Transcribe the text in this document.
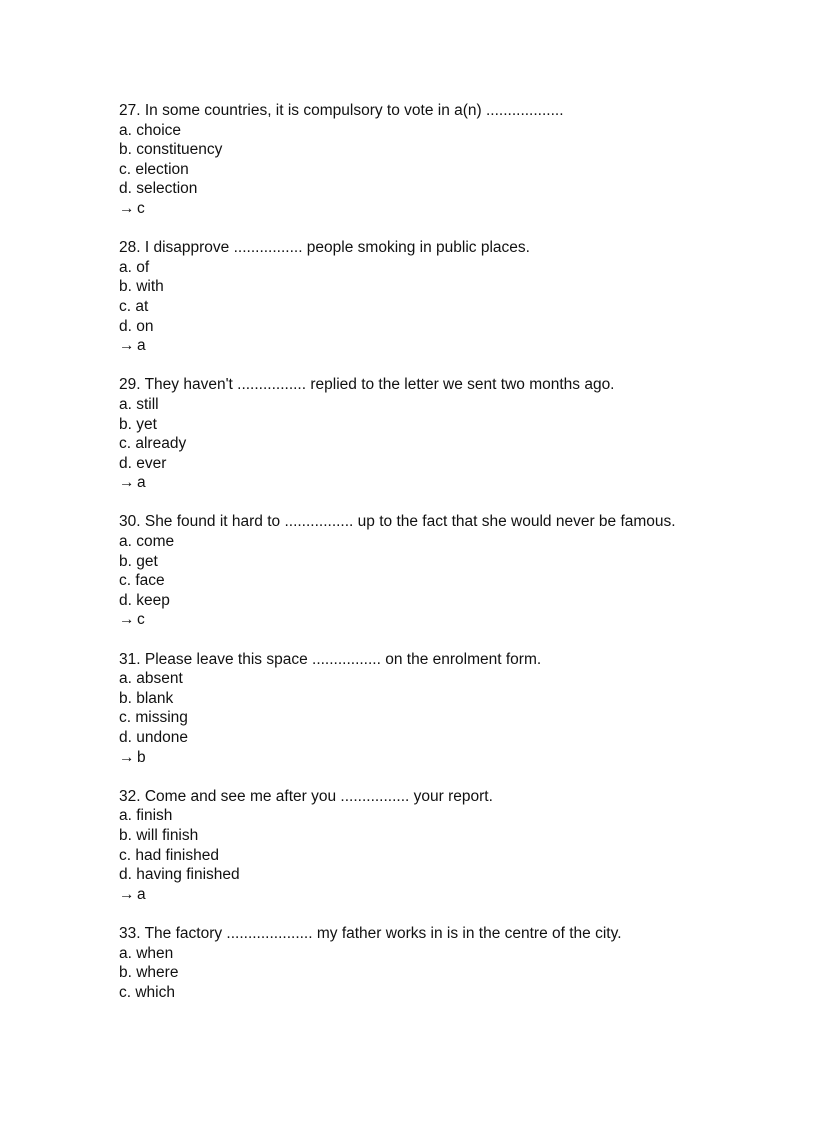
27. In some countries, it is compulsory to vote in a(n) ..................
a. choice
b. constituency
c. election
d. selection
→ c
28. I disapprove ................ people smoking in public places.
a. of
b. with
c. at
d. on
→ a
29. They haven't ................ replied to the letter we sent two months ago.
a. still
b. yet
c. already
d. ever
→ a
30. She found it hard to ................ up to the fact that she would never be famous.
a. come
b. get
c. face
d. keep
→ c
31. Please leave this space ................ on the enrolment form.
a. absent
b. blank
c. missing
d. undone
→ b
32. Come and see me after you ................ your report.
a. finish
b. will finish
c. had finished
d. having finished
→ a
33. The factory .................... my father works in is in the centre of the city.
a. when
b. where
c. which
